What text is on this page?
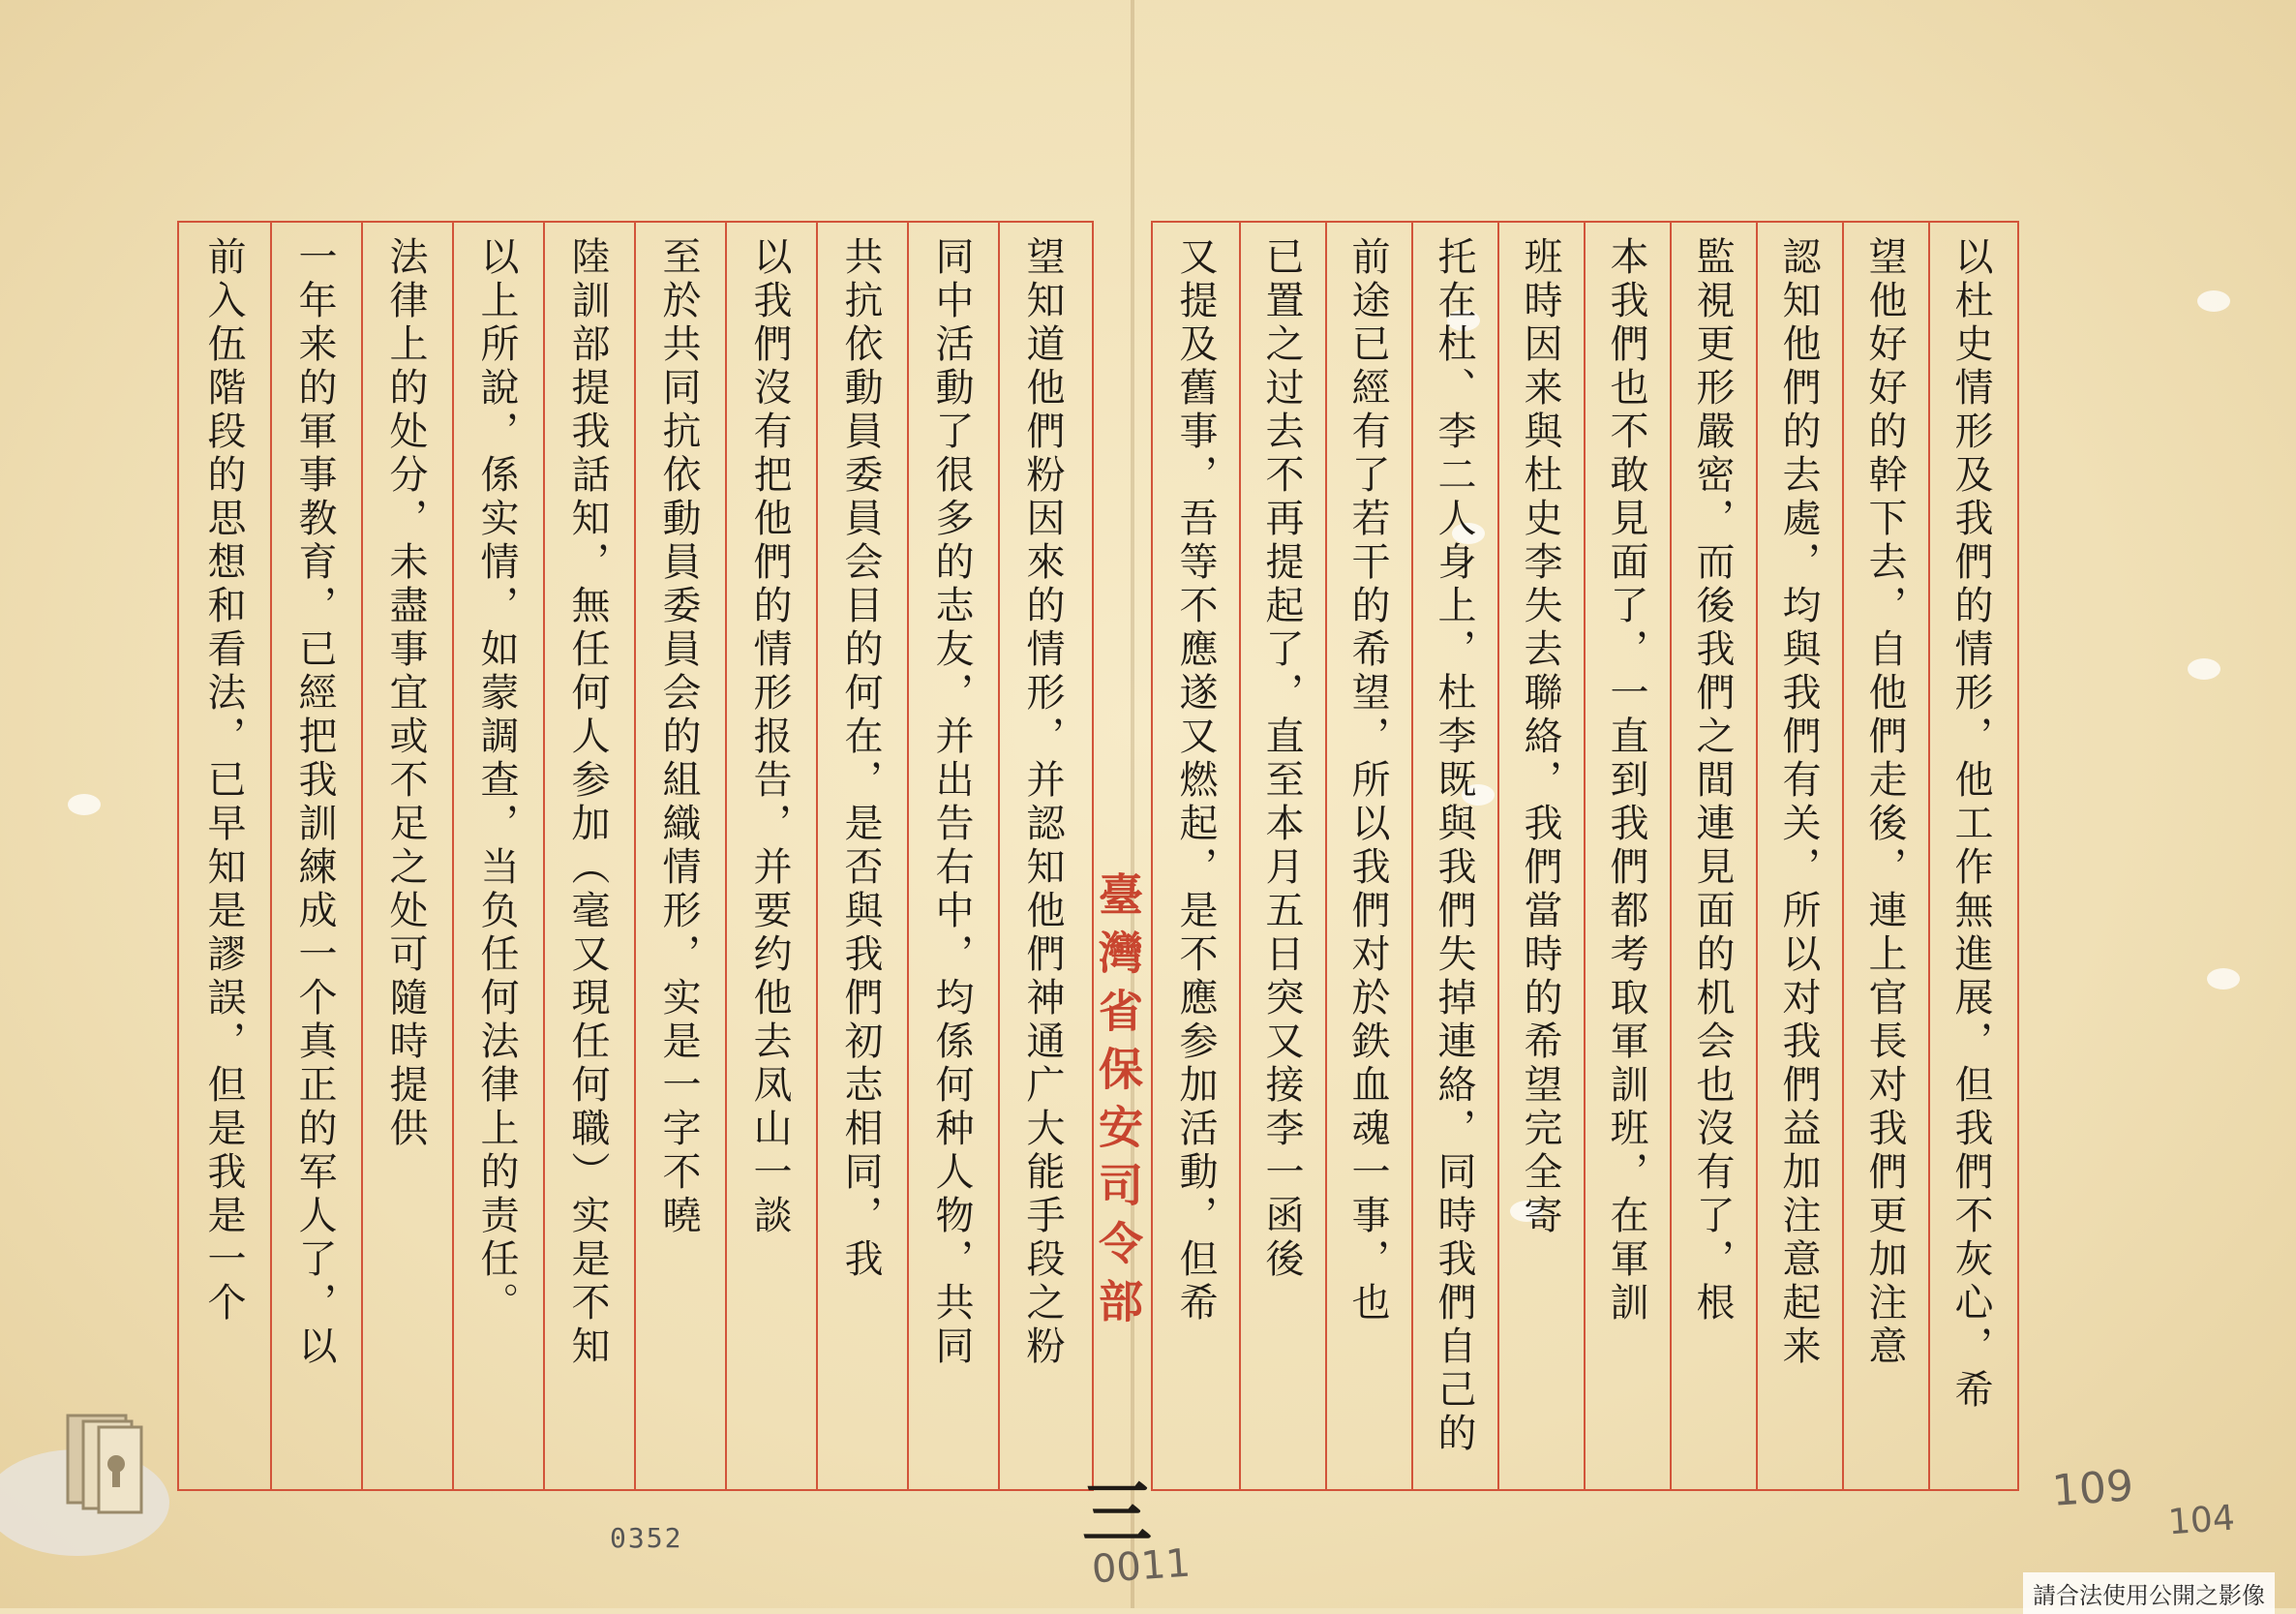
望知道他們粉因來的情形，并認知他們神通广大能手段之粉
同中活動了很多的志友，并出告右中，均係何种人物，共同
共抗依動員委員会目的何在，是否與我們初志相同，我
以我們沒有把他們的情形报告，并要约他去凤山一談
至於共同抗依動員委員会的組織情形，实是一字不曉
陸訓部提我話知，無任何人参加（毫又現任何職）实是不知
以上所說，係实情，如蒙調查，当负任何法律上的责任。
法律上的处分，未盡事宜或不足之处可隨時提供
一年来的軍事教育，已經把我訓練成一个真正的军人了，以
前入伍階段的思想和看法，已早知是謬誤，但是我是一个	臺灣省保安司令部
三
以杜史情形及我們的情形，他工作無進展，但我們不灰心，希
望他好好的幹下去，自他們走後，連上官長对我們更加注意
認知他們的去處，均與我們有关，所以对我們益加注意起来
監視更形嚴密，而後我們之間連見面的机会也沒有了，根
本我們也不敢見面了，一直到我們都考取軍訓班，在軍訓
班時因来與杜史李失去聯絡，我們當時的希望完全寄
托在杜、李二人身上，杜李既與我們失掉連絡，同時我們自己的
前途已經有了若干的希望，所以我們对於鉄血魂一事，也
已置之过去不再提起了，直至本月五日突又接李一函後
又提及舊事，吾等不應遂又燃起，是不應参加活動，但希
0011
109
104
0352
請合法使用公開之影像
